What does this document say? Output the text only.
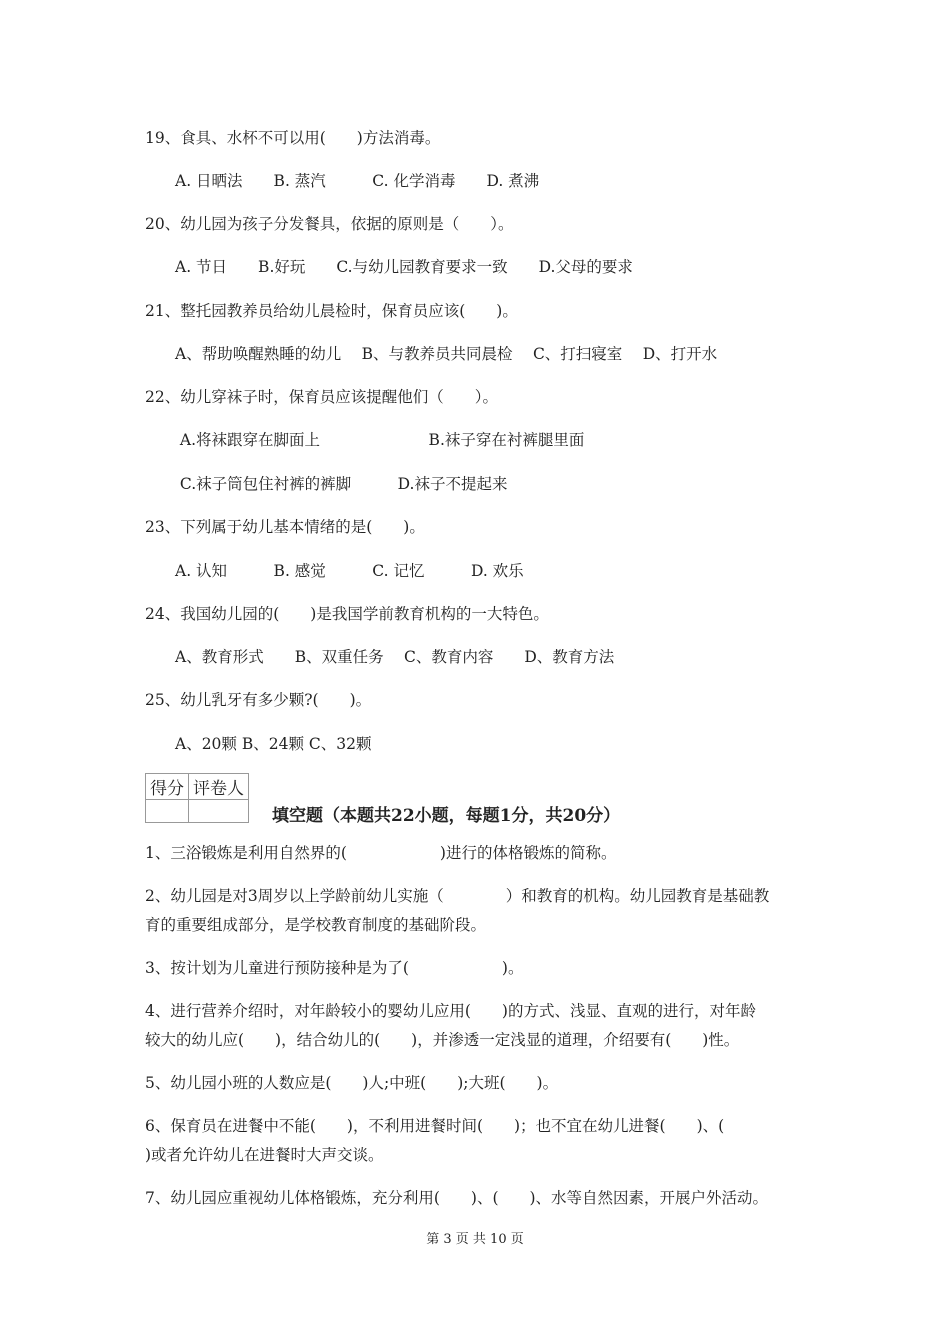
19、食具、水杯不可以用(　　)方法消毒。
A. 日晒法　　B. 蒸汽　　　C. 化学消毒　　D. 煮沸
20、幼儿园为孩子分发餐具，依据的原则是（　　）。
A. 节日　　B.好玩　　C.与幼儿园教育要求一致　　D.父母的要求
21、整托园教养员给幼儿晨检时，保育员应该(　　)。
A、帮助唤醒熟睡的幼儿　 B、与教养员共同晨检　 C、打扫寝室　 D、打开水
22、幼儿穿袜子时，保育员应该提醒他们（　　）。
A.将袜跟穿在脚面上　　　　　　　B.袜子穿在衬裤腿里面
C.袜子筒包住衬裤的裤脚　　　D.袜子不提起来
23、下列属于幼儿基本情绪的是(　　)。
A. 认知　　　B. 感觉　　　C. 记忆　　　D. 欢乐
24、我国幼儿园的(　　)是我国学前教育机构的一大特色。
A、教育形式　　B、双重任务　 C、教育内容　　D、教育方法
25、幼儿乳牙有多少颗?(　　)。
A、20颗 B、24颗 C、32颗
得分	评卷人

填空题（本题共22小题，每题1分，共20分）
1、三浴锻炼是利用自然界的(　　　　　　)进行的体格锻炼的简称。
2、幼儿园是对3周岁以上学龄前幼儿实施（　　　　）和教育的机构。幼儿园教育是基础教
育的重要组成部分，是学校教育制度的基础阶段。
3、按计划为儿童进行预防接种是为了(　　　　　　)。
4、进行营养介绍时，对年龄较小的婴幼儿应用(　　)的方式、浅显、直观的进行，对年龄
较大的幼儿应(　　)，结合幼儿的(　　)，并渗透一定浅显的道理，介绍要有(　　)性。
5、幼儿园小班的人数应是(　　)人;中班(　　);大班(　　)。
6、保育员在进餐中不能(　　)，不利用进餐时间(　　)；也不宜在幼儿进餐(　　)、(
)或者允许幼儿在进餐时大声交谈。
7、幼儿园应重视幼儿体格锻炼，充分利用(　　)、(　　)、水等自然因素，开展户外活动。
第 3 页 共 10 页
